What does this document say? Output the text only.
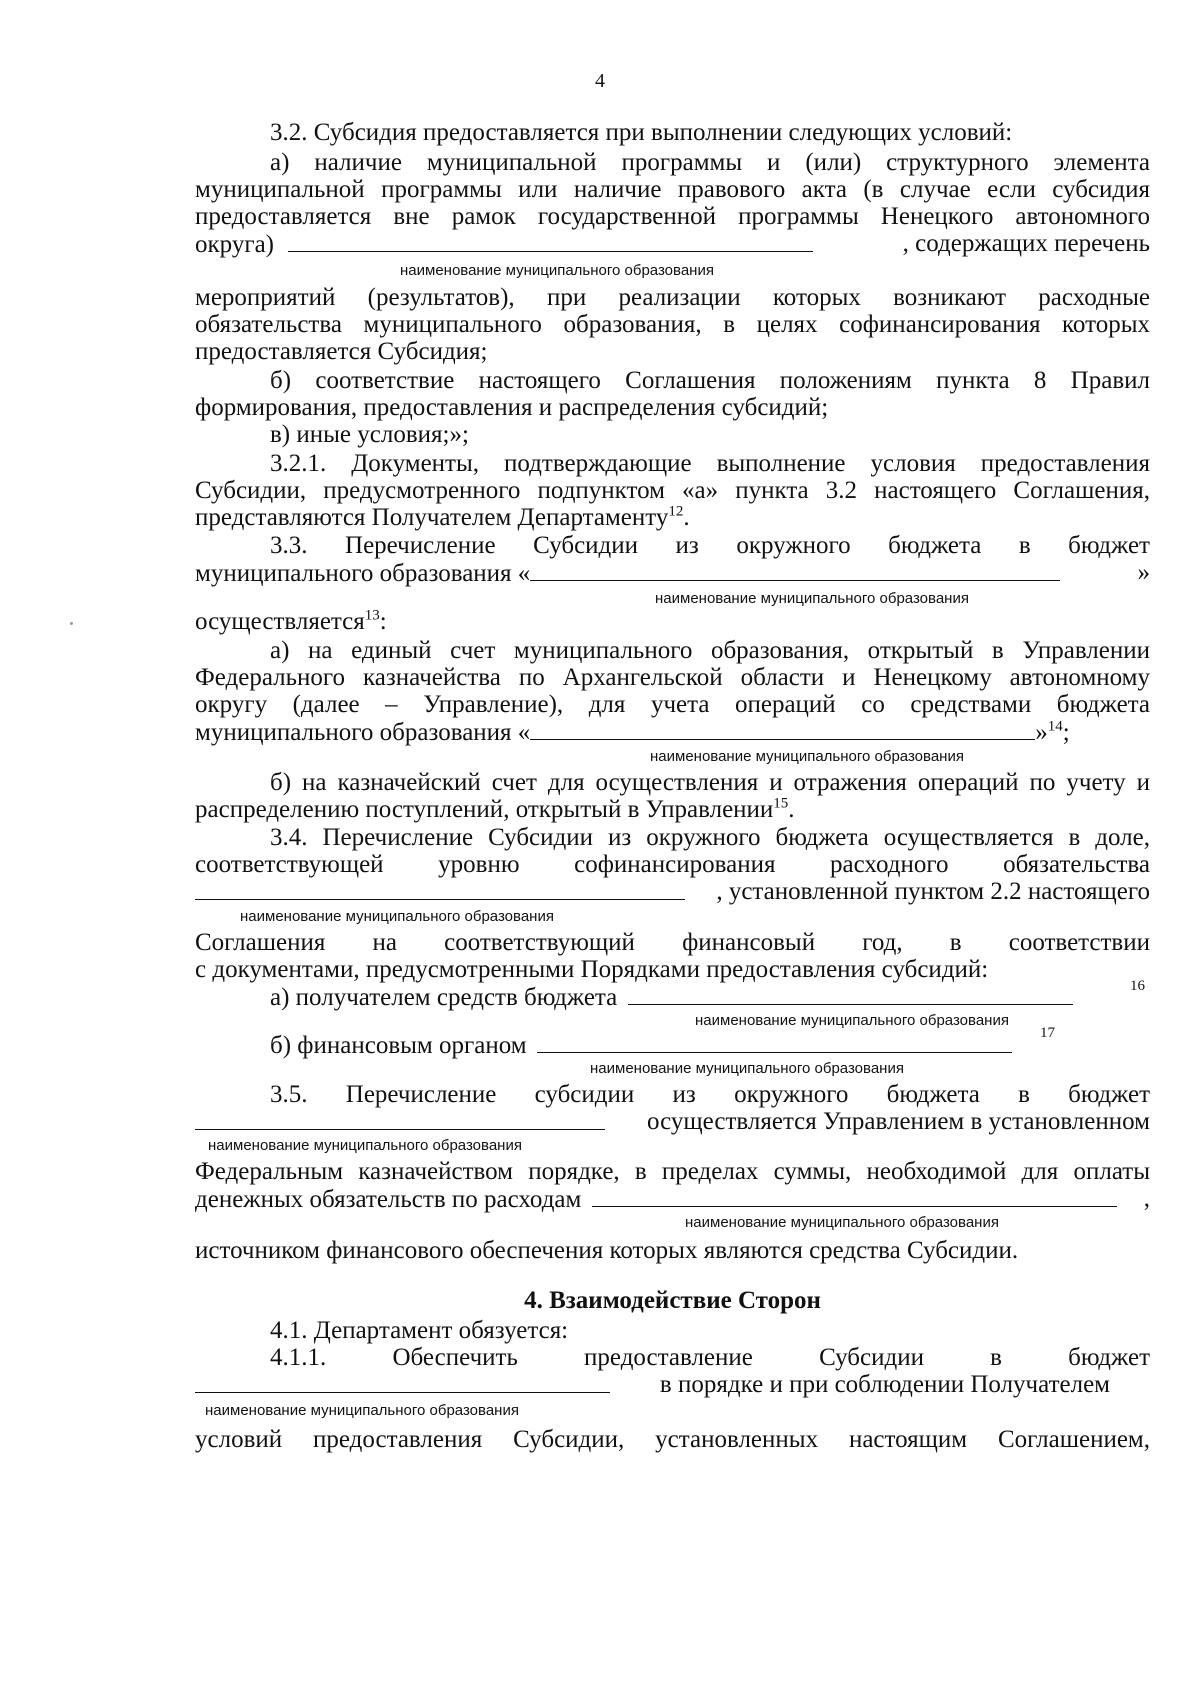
4
3.2. Субсидия предоставляется при выполнении следующих условий:
а) наличие муниципальной программы и (или) структурного элемента
муниципальной программы или наличие правового акта (в случае если субсидия
предоставляется вне рамок государственной программы Ненецкого автономного
округа)	, содержащих перечень
наименование муниципального образования
мероприятий (результатов), при реализации которых возникают расходные
обязательства муниципального образования, в целях софинансирования которых
предоставляется Субсидия;
б) соответствие настоящего Соглашения положениям пункта 8 Правил
формирования, предоставления и распределения субсидий;
в) иные условия;»;
3.2.1. Документы, подтверждающие выполнение условия предоставления
Субсидии, предусмотренного подпунктом «а» пункта 3.2 настоящего Соглашения,
представляются Получателем Департаменту$^{12}$.
3.3. Перечисление Субсидии из окружного бюджета в бюджет
муниципального образования «	»
наименование муниципального образования
осуществляется$^{13}$:
а) на единый счет муниципального образования, открытый в Управлении
Федерального казначейства по Архангельской области и Ненецкому автономному
округу (далее – Управление), для учета операций со средствами бюджета
муниципального образования «	»$^{14}$;
наименование муниципального образования
б) на казначейский счет для осуществления и отражения операций по учету и
распределению поступлений, открытый в Управлении$^{15}$.
3.4. Перечисление Субсидии из окружного бюджета осуществляется в доле,
соответствующей уровню софинансирования расходного обязательства
, установленной пунктом 2.2 настоящего
наименование муниципального образования
Соглашения на соответствующий финансовый год, в соответствии
с документами, предусмотренными Порядками предоставления субсидий:
а) получателем средств бюджета	16
наименование муниципального образования
б) финансовым органом	17
наименование муниципального образования
3.5. Перечисление субсидии из окружного бюджета в бюджет
осуществляется Управлением в установленном
наименование муниципального образования
Федеральным казначейством порядке, в пределах суммы, необходимой для оплаты
денежных обязательств по расходам	,
наименование муниципального образования
источником финансового обеспечения которых являются средства Субсидии.
4. Взаимодействие Сторон
4.1. Департамент обязуется:
4.1.1. Обеспечить предоставление Субсидии в бюджет
в порядке и при соблюдении Получателем
наименование муниципального образования
условий предоставления Субсидии, установленных настоящим Соглашением,
